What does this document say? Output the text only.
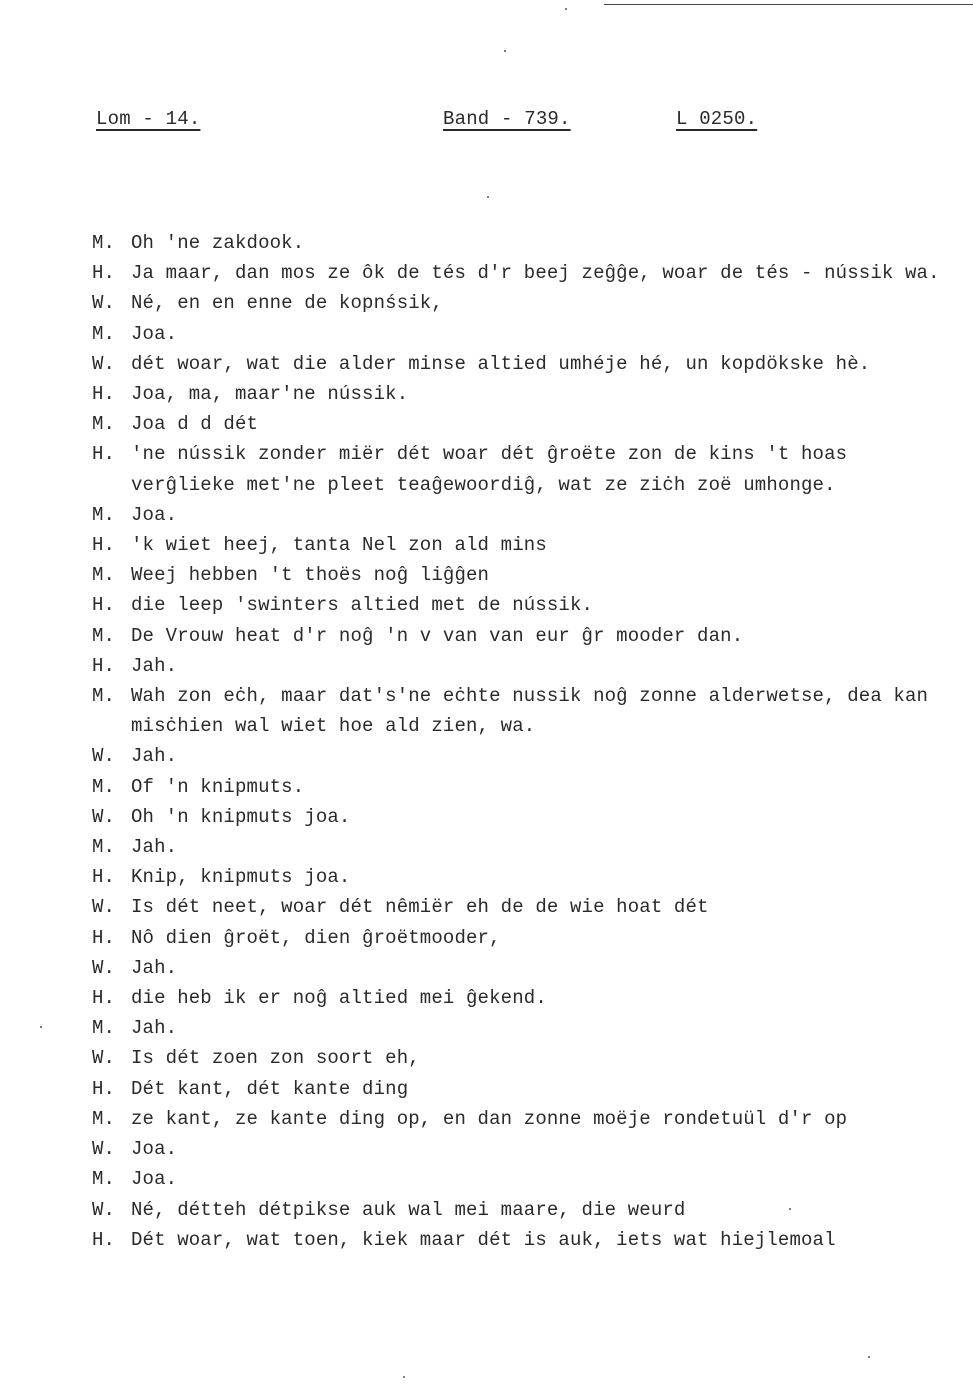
Lom - 14.	Band - 739.	L 0250.
M. Oh 'ne zakdook.
H. Ja maar, dan mos ze ôk de tés d'r beej zeĝĝe, woar de tés - nússik wa.
W. Né, en en enne de kopnśsik,
M. Joa.
W. dét woar, wat die alder minse altied umhéje hé, un kopdökske hè.
H. Joa, ma, maar'ne nússik.
M. Joa d d dét
H. 'ne nússik zonder miër dét woar dét ĝroëte zon de kins 't hoas verĝlieke met'ne pleet teaĝewoordiĝ, wat ze ziċh zoë umhonge.
M. Joa.
H. 'k wiet heej, tanta Nel zon ald mins
M. Weej hebben 't thoës noĝ liĝĝen
H. die leep 'swinters altied met de nússik.
M. De Vrouw heat d'r noĝ 'n v van van eur ĝr mooder dan.
H. Jah.
M. Wah zon eċh, maar dat's'ne eċhte nussik noĝ zonne alderwetse, dea kan misċhien wal wiet hoe ald zien, wa.
W. Jah.
M. Of 'n knipmuts.
W. Oh 'n knipmuts joa.
M. Jah.
H. Knip, knipmuts joa.
W. Is dét neet, woar dét nêmiër eh de de wie hoat dét
H. Nô dien ĝroët, dien ĝroëtmooder,
W. Jah.
H. die heb ik er noĝ altied mei ĝekend.
M. Jah.
W. Is dét zoen zon soort eh,
H. Dét kant, dét kante ding
M. ze kant, ze kante ding op, en dan zonne moëje rondetuül d'r op
W. Joa.
M. Joa.
W. Né, détteh détpikse auk wal mei maare, die weurd
H. Dét woar, wat toen, kiek maar dét is auk, iets wat hiejlemoal
